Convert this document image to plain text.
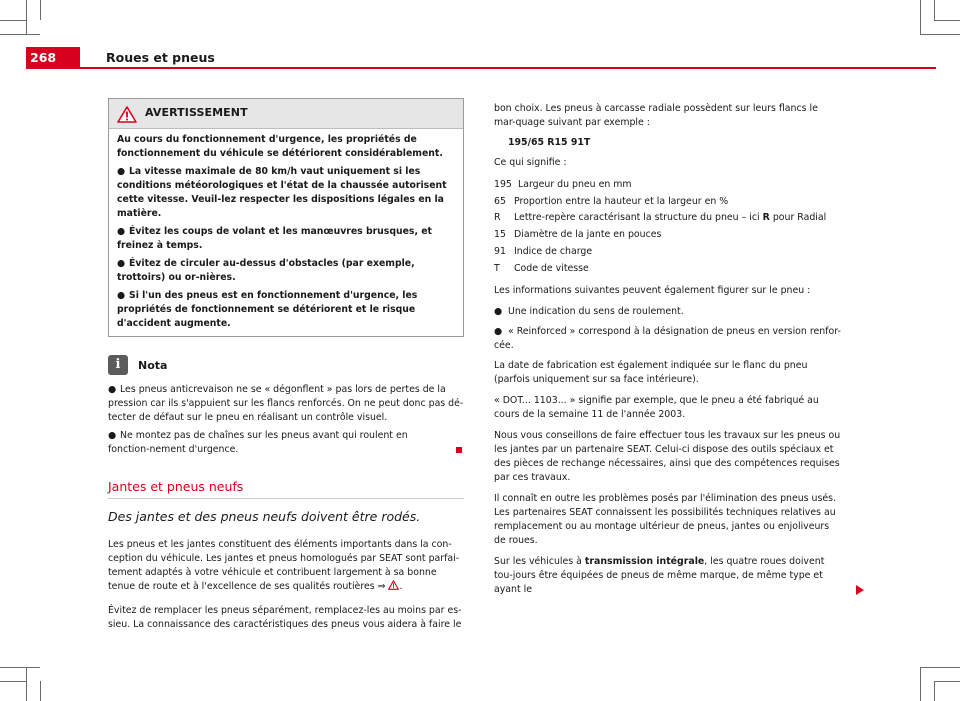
268	Roues et pneus
AVERTISSEMENT

Au cours du fonctionnement d'urgence, les propriétés de fonctionnement du véhicule se détériorent considérablement.

● La vitesse maximale de 80 km/h vaut uniquement si les conditions météorologiques et l'état de la chaussée autorisent cette vitesse. Veuil-lez respecter les dispositions légales en la matière.

● Évitez les coups de volant et les manœuvres brusques, et freinez à temps.

● Évitez de circuler au-dessus d'obstacles (par exemple, trottoirs) ou or-nières.

● Si l'un des pneus est en fonctionnement d'urgence, les propriétés de fonctionnement se détériorent et le risque d'accident augmente.

i	Nota

● Les pneus anticrevaison ne se « dégonflent » pas lors de pertes de la pression car ils s'appuient sur les flancs renforcés. On ne peut donc pas dé-tecter de défaut sur le pneu en réalisant un contrôle visuel.

● Ne montez pas de chaînes sur les pneus avant qui roulent en fonction-nement d'urgence.

Jantes et pneus neufs
Des jantes et des pneus neufs doivent être rodés.

Les pneus et les jantes constituent des éléments importants dans la con-ception du véhicule. Les jantes et pneus homologués par SEAT sont parfai-tement adaptés à votre véhicule et contribuent largement à sa bonne tenue de route et à l'excellence de ses qualités routières ⇒ .

Évitez de remplacer les pneus séparément, remplacez-les au moins par es-sieu. La connaissance des caractéristiques des pneus vous aidera à faire le

bon choix. Les pneus à carcasse radiale possèdent sur leurs flancs le mar-quage suivant par exemple :

195/65 R15 91T

Ce qui signifie :

195 Largeur du pneu en mm
65 Proportion entre la hauteur et la largeur en %
R	Lettre-repère caractérisant la structure du pneu – ici R pour Radial
15 Diamètre de la jante en pouces
91 Indice de charge
T	Code de vitesse

Les informations suivantes peuvent également figurer sur le pneu :

● Une indication du sens de roulement.

● « Reinforced » correspond à la désignation de pneus en version renfor-cée.

La date de fabrication est également indiquée sur le flanc du pneu (parfois uniquement sur sa face intérieure).

« DOT... 1103... » signifie par exemple, que le pneu a été fabriqué au cours de la semaine 11 de l'année 2003.

Nous vous conseillons de faire effectuer tous les travaux sur les pneus ou les jantes par un partenaire SEAT. Celui-ci dispose des outils spéciaux et des pièces de rechange nécessaires, ainsi que des compétences requises par ces travaux.

Il connaît en outre les problèmes posés par l'élimination des pneus usés. Les partenaires SEAT connaissent les possibilités techniques relatives au remplacement ou au montage ultérieur de pneus, jantes ou enjoliveurs de roues.

Sur les véhicules à transmission intégrale, les quatre roues doivent tou-jours être équipées de pneus de même marque, de même type et ayant le
